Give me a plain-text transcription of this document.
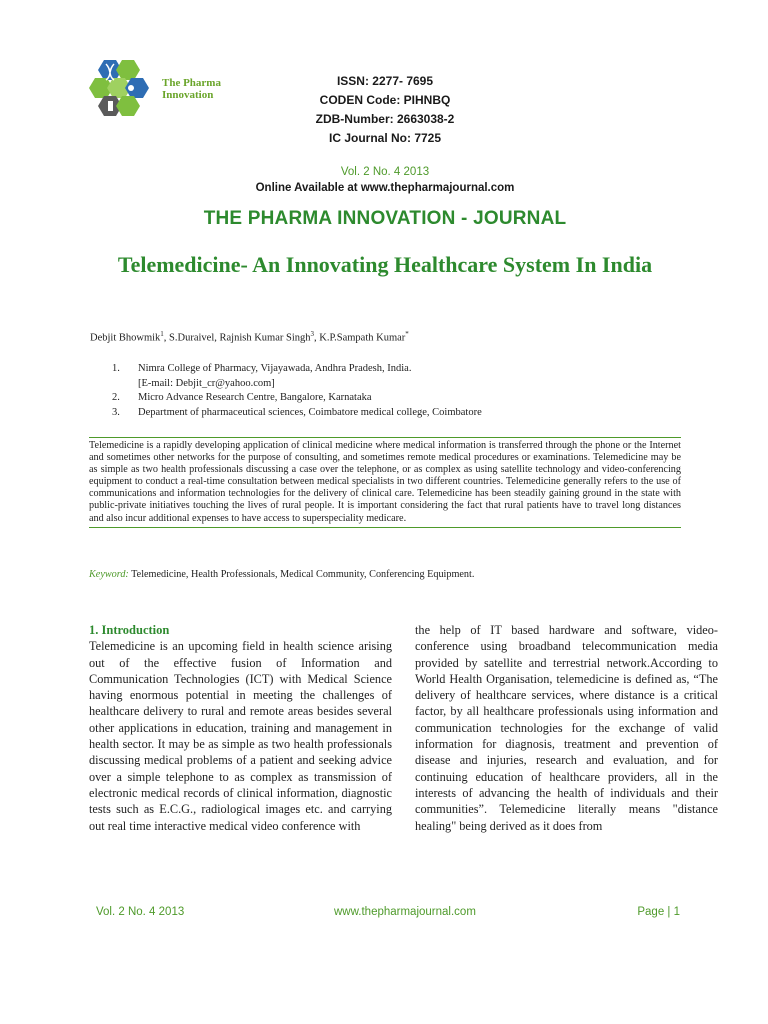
The Pharma
Innovation
ISSN: 2277- 7695
CODEN Code: PIHNBQ
ZDB-Number: 2663038-2
IC Journal No: 7725
Vol. 2 No. 4 2013
Online Available at www.thepharmajournal.com
THE PHARMA INNOVATION - JOURNAL
Telemedicine- An Innovating Healthcare System In India
Debjit Bhowmik$^1$, S.Duraivel, Rajnish Kumar Singh$^3$, K.P.Sampath Kumar*
1.	Nimra College of Pharmacy, Vijayawada, Andhra Pradesh, India.
[E-mail: Debjit_cr@yahoo.com]
2.	Micro Advance Research Centre, Bangalore, Karnataka
3.	Department of pharmaceutical sciences, Coimbatore medical college, Coimbatore

Telemedicine is a rapidly developing application of clinical medicine where medical information is transferred through the phone or the Internet and sometimes other networks for the purpose of consulting, and sometimes remote medical procedures or examinations. Telemedicine may be as simple as two health professionals discussing a case over the telephone, or as complex as using satellite technology and video-conferencing equipment to conduct a real-time consultation between medical specialists in two different countries. Telemedicine generally refers to the use of communications and information technologies for the delivery of clinical care. Telemedicine has been steadily gaining ground in the state with public-private initiatives touching the lives of rural people. It is important considering the fact that rural patients have to travel long distances and also incur additional expenses to have access to superspeciality medicare.

Keyword: Telemedicine, Health Professionals, Medical Community, Conferencing Equipment.
1. Introduction

Telemedicine is an upcoming field in health science arising out of the effective fusion of Information and Communication Technologies (ICT) with Medical Science having enormous potential in meeting the challenges of healthcare delivery to rural and remote areas besides several other applications in education, training and management in health sector. It may be as simple as two health professionals discussing medical problems of a patient and seeking advice over a simple telephone to as complex as transmission of electronic medical records of clinical information, diagnostic tests such as E.C.G., radiological images etc. and carrying out real time interactive medical video conference with

the help of IT based hardware and software, video-conference using broadband telecommunication media provided by satellite and terrestrial network.According to World Health Organisation, telemedicine is defined as, “The delivery of healthcare services, where distance is a critical factor, by all healthcare professionals using information and communication technologies for the exchange of valid information for diagnosis, treatment and prevention of disease and injuries, research and evaluation, and for continuing education of healthcare providers, all in the interests of advancing the health of individuals and their communities”. Telemedicine literally means "distance healing" being derived as it does from

Vol. 2 No. 4 2013	www.thepharmajournal.com	Page | 1
